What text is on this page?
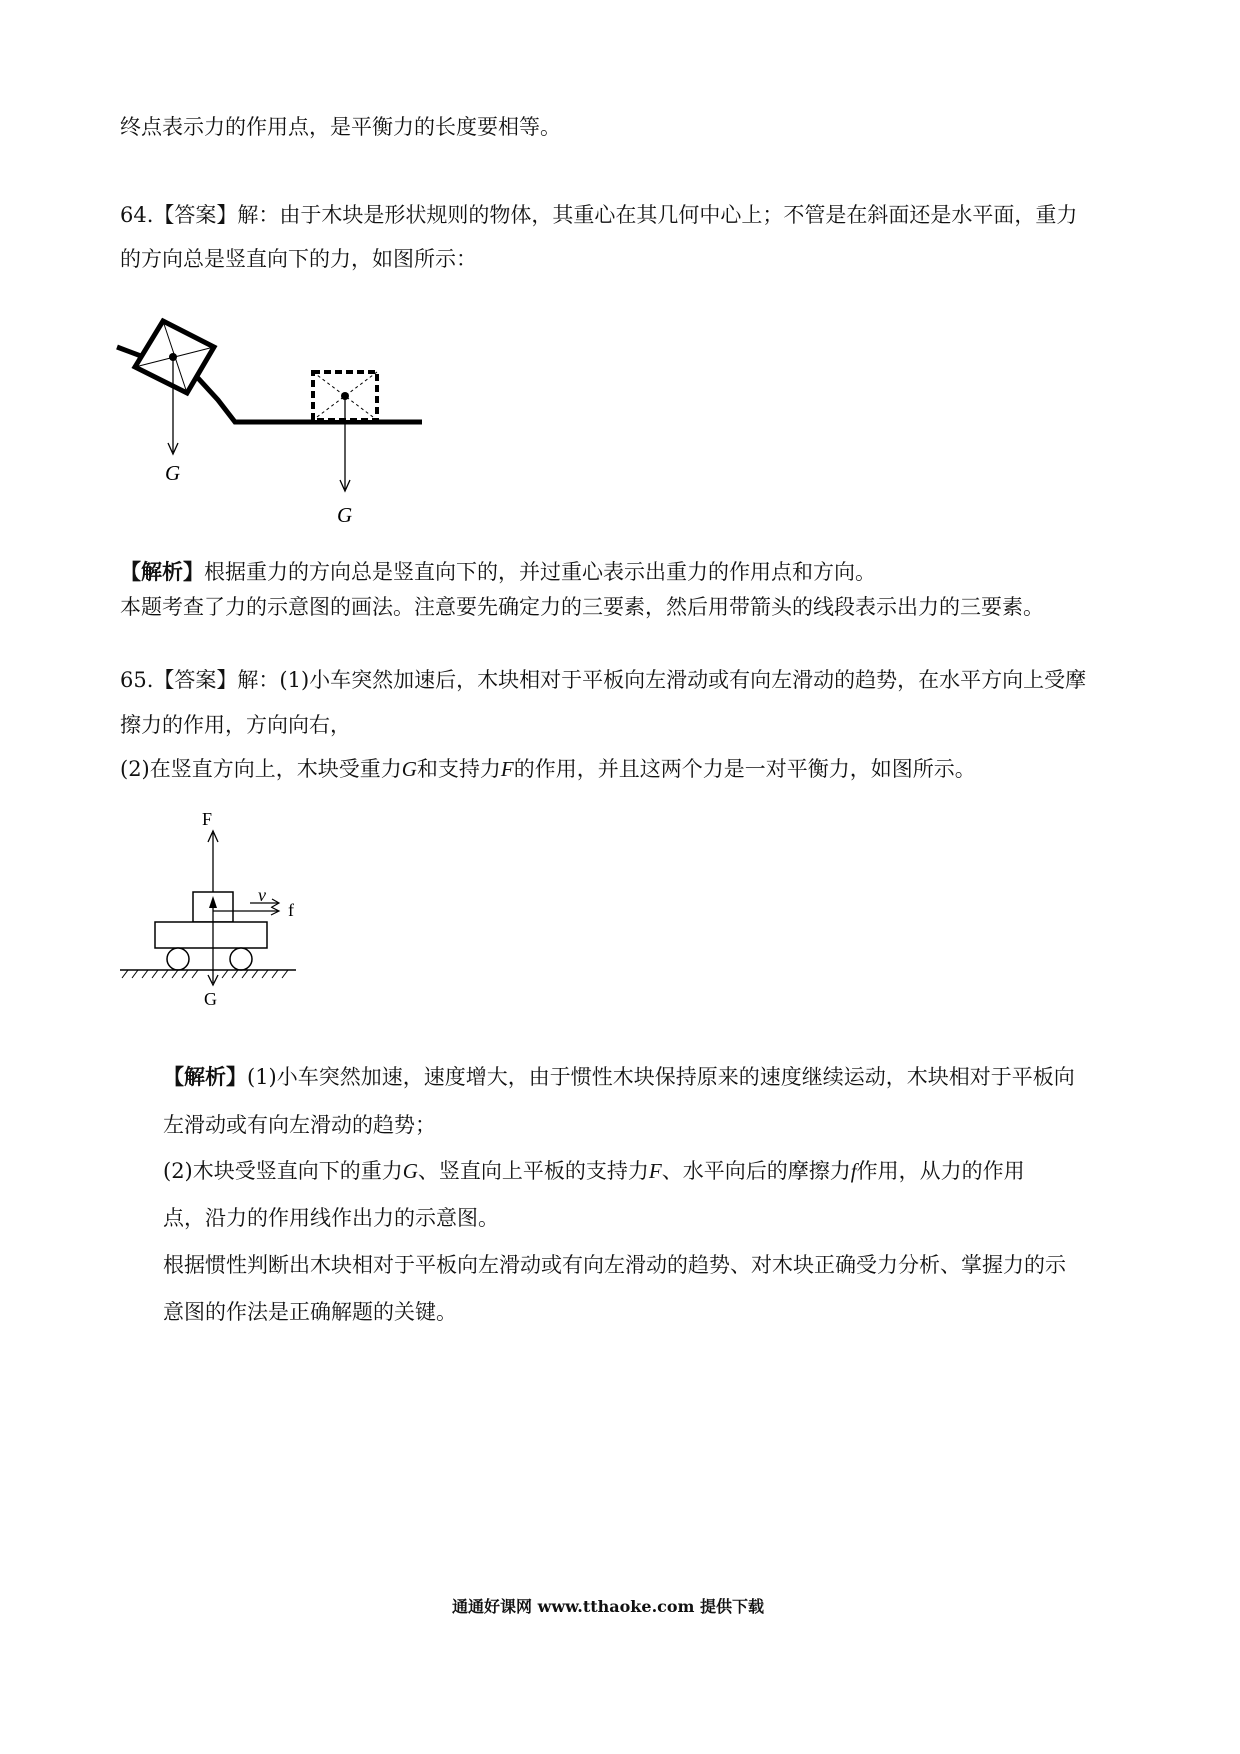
终点表示力的作用点，是平衡力的长度要相等。
64.【答案】解：由于木块是形状规则的物体，其重心在其几何中心上；不管是在斜面还是水平面，重力
的方向总是竖直向下的力，如图所示：
G
G
【解析】根据重力的方向总是竖直向下的，并过重心表示出重力的作用点和方向。
本题考查了力的示意图的画法。注意要先确定力的三要素，然后用带箭头的线段表示出力的三要素。
65.【答案】解：(1)小车突然加速后，木块相对于平板向左滑动或有向左滑动的趋势，在水平方向上受摩
擦力的作用，方向向右，
(2)在竖直方向上，木块受重力G和支持力F的作用，并且这两个力是一对平衡力，如图所示。
F
v
f
G
【解析】(1)小车突然加速，速度增大，由于惯性木块保持原来的速度继续运动，木块相对于平板向
左滑动或有向左滑动的趋势；
(2)木块受竖直向下的重力G、竖直向上平板的支持力F、水平向后的摩擦力f作用，从力的作用
点，沿力的作用线作出力的示意图。
根据惯性判断出木块相对于平板向左滑动或有向左滑动的趋势、对木块正确受力分析、掌握力的示
意图的作法是正确解题的关键。
通通好课网 www.tthaoke.com 提供下载
